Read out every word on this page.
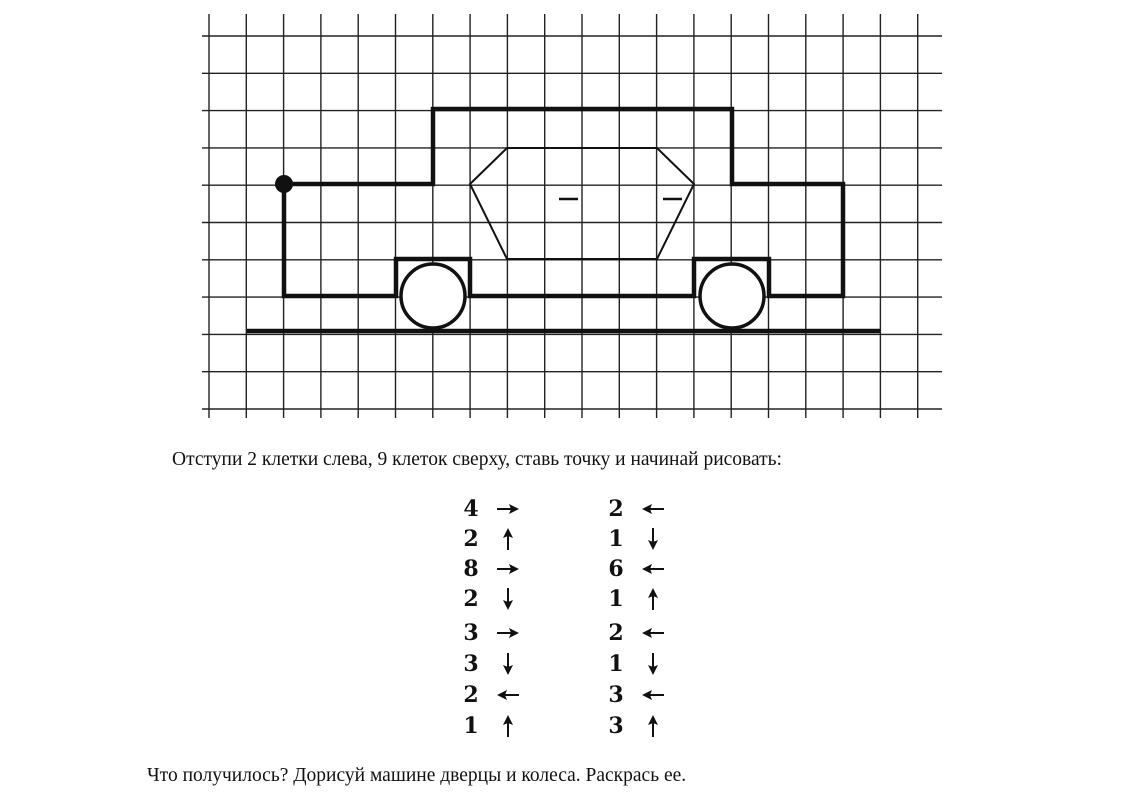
Отступи 2 клетки слева, 9 клеток сверху, ставь точку и начинай рисовать:
4
2
8
2
3
3
2
1
2
1
6
1
2
1
3
3
Что получилось? Дорисуй машине дверцы и колеса. Раскрась ее.
